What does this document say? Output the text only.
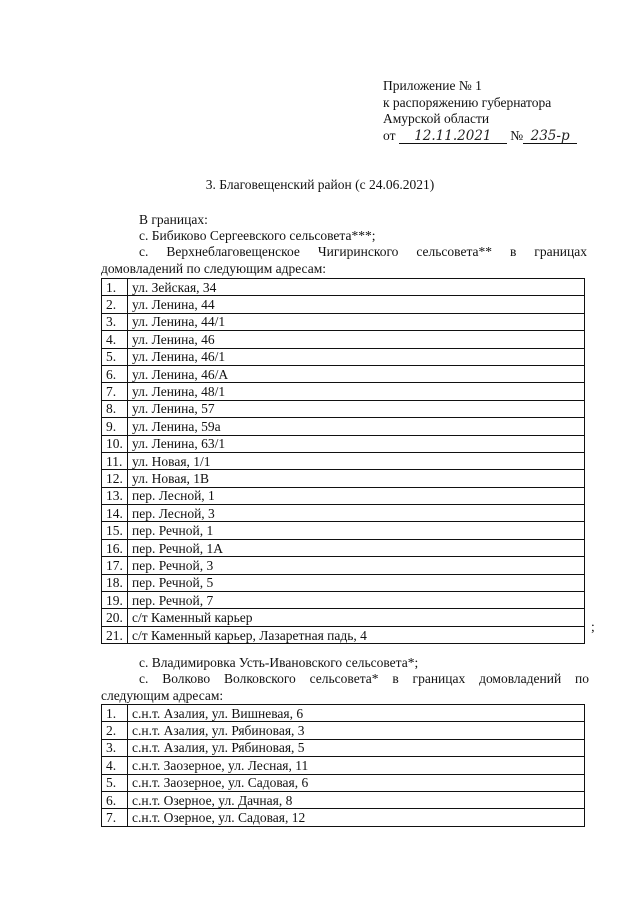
Приложение № 1
к распоряжению губернатора
Амурской области
от 12.11.2021 № 235-р
3. Благовещенский район (с 24.06.2021)
В границах:
с. Бибиково Сергеевского сельсовета***;
с. Верхнеблаговещенское Чигиринского сельсовета** в границах
домовладений по следующим адресам:
1.	ул. Зейская, 34
2.	ул. Ленина, 44
3.	ул. Ленина, 44/1
4.	ул. Ленина, 46
5.	ул. Ленина, 46/1
6.	ул. Ленина, 46/А
7.	ул. Ленина, 48/1
8.	ул. Ленина, 57
9.	ул. Ленина, 59а
10.	ул. Ленина, 63/1
11.	ул. Новая, 1/1
12.	ул. Новая, 1В
13.	пер. Лесной, 1
14.	пер. Лесной, 3
15.	пер. Речной, 1
16.	пер. Речной, 1А
17.	пер. Речной, 3
18.	пер. Речной, 5
19.	пер. Речной, 7
20.	с/т Каменный карьер
21.	с/т Каменный карьер, Лазаретная падь, 4
;
с. Владимировка Усть-Ивановского сельсовета*;
с. Волково Волковского сельсовета* в границах домовладений по
следующим адресам:
1.	с.н.т. Азалия, ул. Вишневая, 6
2.	с.н.т. Азалия, ул. Рябиновая, 3
3.	с.н.т. Азалия, ул. Рябиновая, 5
4.	с.н.т. Заозерное, ул. Лесная, 11
5.	с.н.т. Заозерное, ул. Садовая, 6
6.	с.н.т. Озерное, ул. Дачная, 8
7.	с.н.т. Озерное, ул. Садовая, 12
